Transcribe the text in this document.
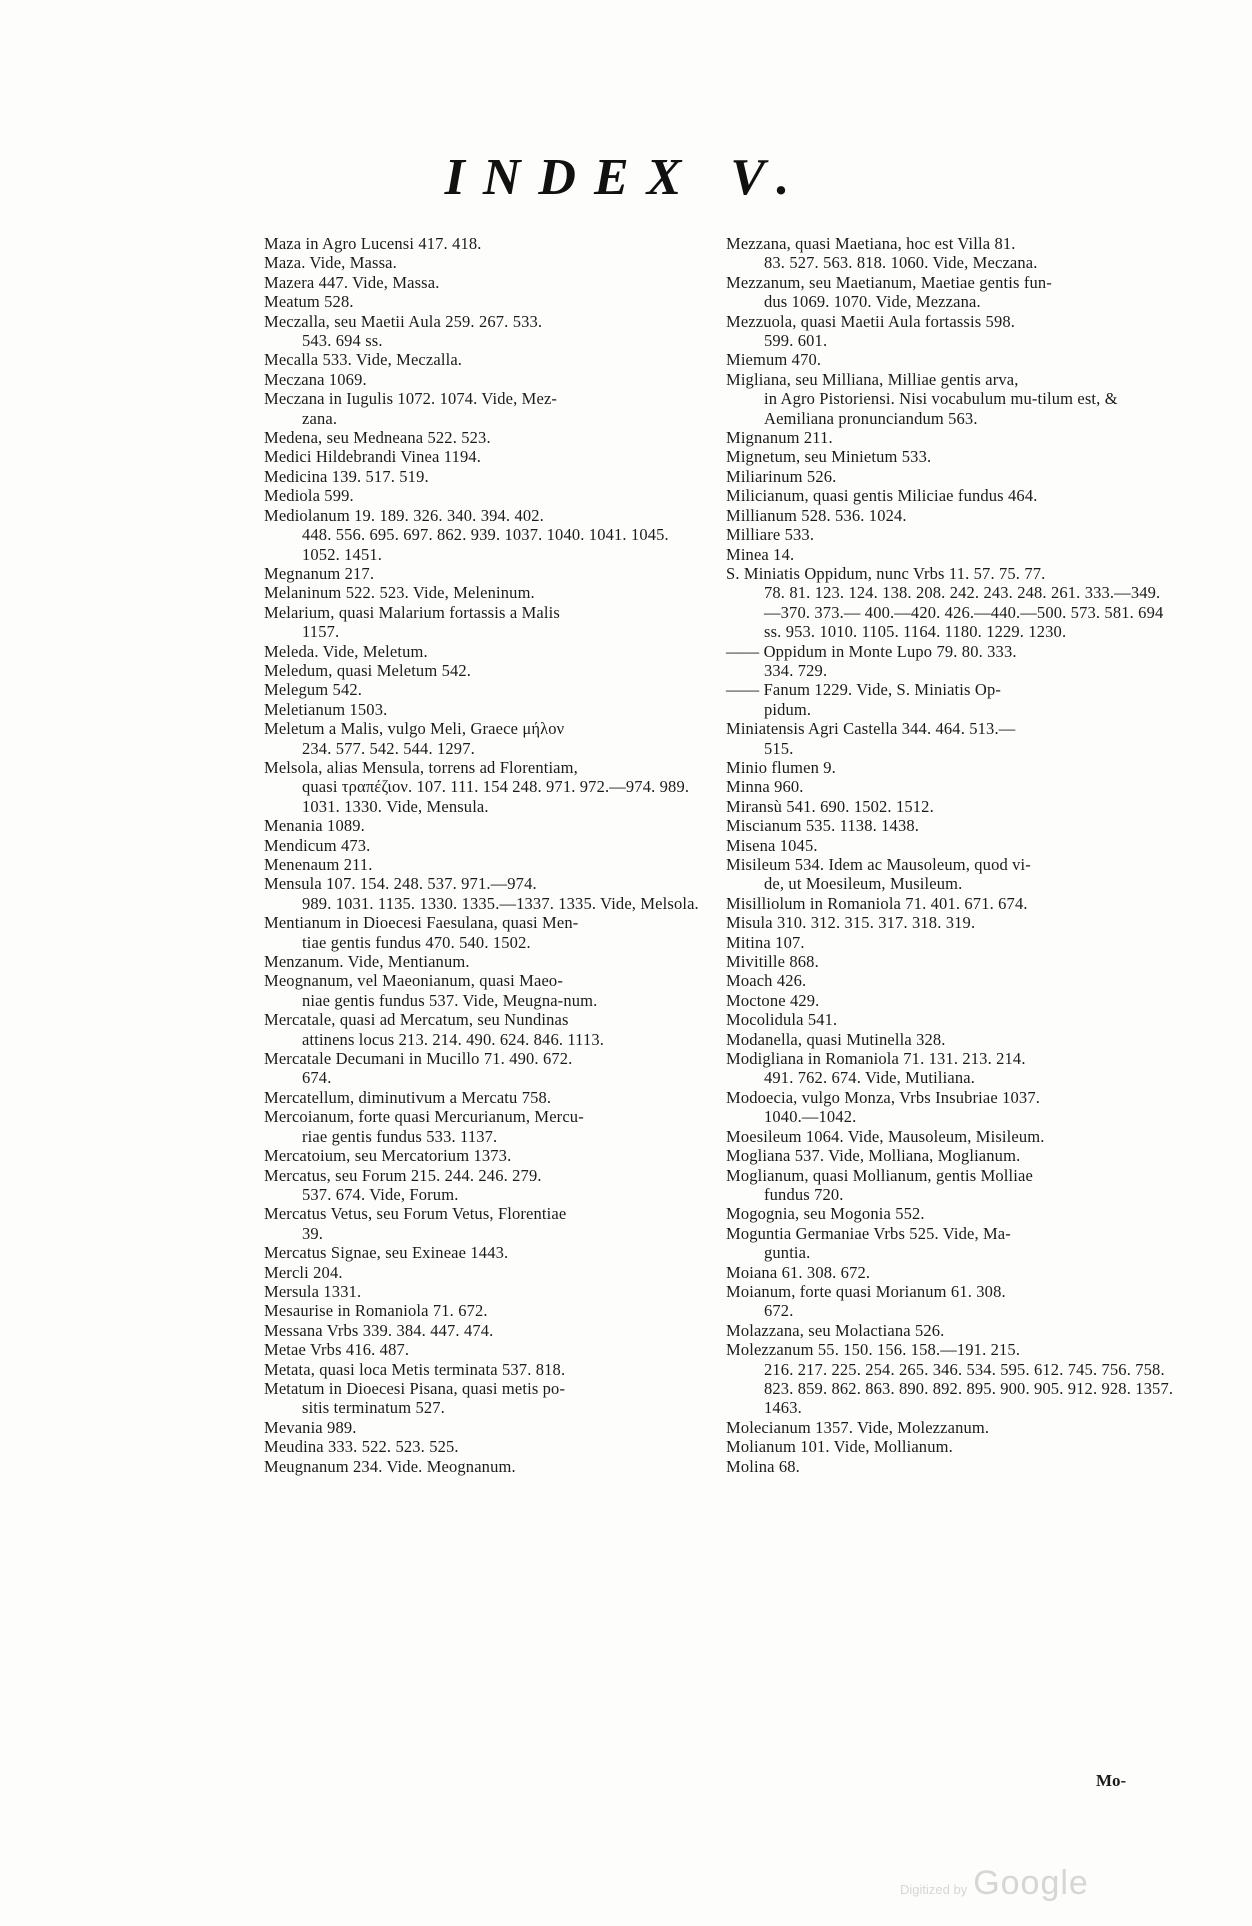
INDEX V.
Maza in Agro Lucensi 417. 418.
Maza. Vide, Massa.
Mazera 447. Vide, Massa.
Meatum 528.
Meczalla, seu Maetii Aula 259. 267. 533.
543. 694 ss.
Mecalla 533. Vide, Meczalla.
Meczana 1069.
Meczana in Iugulis 1072. 1074. Vide, Mez-
zana.
Medena, seu Medneana 522. 523.
Medici Hildebrandi Vinea 1194.
Medicina 139. 517. 519.
Mediola 599.
Mediolanum 19. 189. 326. 340. 394. 402.
448. 556. 695. 697. 862. 939. 1037. 1040. 1041. 1045. 1052. 1451.
Megnanum 217.
Melaninum 522. 523. Vide, Meleninum.
Melarium, quasi Malarium fortassis a Malis
1157.
Meleda. Vide, Meletum.
Meledum, quasi Meletum 542.
Melegum 542.
Meletianum 1503.
Meletum a Malis, vulgo Meli, Graece μήλον
234. 577. 542. 544. 1297.
Melsola, alias Mensula, torrens ad Florentiam,
quasi τραπέζιον. 107. 111. 154 248. 971. 972.—974. 989. 1031. 1330. Vide, Mensula.
Menania 1089.
Mendicum 473.
Menenaum 211.
Mensula 107. 154. 248. 537. 971.—974.
989. 1031. 1135. 1330. 1335.—1337. 1335. Vide, Melsola.
Mentianum in Dioecesi Faesulana, quasi Men-
tiae gentis fundus 470. 540. 1502.
Menzanum. Vide, Mentianum.
Meognanum, vel Maeonianum, quasi Maeo-
niae gentis fundus 537. Vide, Meugna-num.
Mercatale, quasi ad Mercatum, seu Nundinas
attinens locus 213. 214. 490. 624. 846. 1113.
Mercatale Decumani in Mucillo 71. 490. 672.
674.
Mercatellum, diminutivum a Mercatu 758.
Mercoianum, forte quasi Mercurianum, Mercu-
riae gentis fundus 533. 1137.
Mercatoium, seu Mercatorium 1373.
Mercatus, seu Forum 215. 244. 246. 279.
537. 674. Vide, Forum.
Mercatus Vetus, seu Forum Vetus, Florentiae
39.
Mercatus Signae, seu Exineae 1443.
Mercli 204.
Mersula 1331.
Mesaurise in Romaniola 71. 672.
Messana Vrbs 339. 384. 447. 474.
Metae Vrbs 416. 487.
Metata, quasi loca Metis terminata 537. 818.
Metatum in Dioecesi Pisana, quasi metis po-
sitis terminatum 527.
Mevania 989.
Meudina 333. 522. 523. 525.
Meugnanum 234. Vide. Meognanum.
Mezzana, quasi Maetiana, hoc est Villa 81.
83. 527. 563. 818. 1060. Vide, Meczana.
Mezzanum, seu Maetianum, Maetiae gentis fun-
dus 1069. 1070. Vide, Mezzana.
Mezzuola, quasi Maetii Aula fortassis 598.
599. 601.
Miemum 470.
Migliana, seu Milliana, Milliae gentis arva,
in Agro Pistoriensi. Nisi vocabulum mu-tilum est, & Aemiliana pronunciandum 563.
Mignanum 211.
Mignetum, seu Minietum 533.
Miliarinum 526.
Milicianum, quasi gentis Miliciae fundus 464.
Millianum 528. 536. 1024.
Milliare 533.
Minea 14.
S. Miniatis Oppidum, nunc Vrbs 11. 57. 75. 77.
78. 81. 123. 124. 138. 208. 242. 243. 248. 261. 333.—349.—370. 373.— 400.—420. 426.—440.—500. 573. 581. 694 ss. 953. 1010. 1105. 1164. 1180. 1229. 1230.
—— Oppidum in Monte Lupo 79. 80. 333.
334. 729.
—— Fanum 1229. Vide, S. Miniatis Op-
pidum.
Miniatensis Agri Castella 344. 464. 513.—
515.
Minio flumen 9.
Minna 960.
Miransù 541. 690. 1502. 1512.
Miscianum 535. 1138. 1438.
Misena 1045.
Misileum 534. Idem ac Mausoleum, quod vi-
de, ut Moesileum, Musileum.
Misilliolum in Romaniola 71. 401. 671. 674.
Misula 310. 312. 315. 317. 318. 319.
Mitina 107.
Mivitille 868.
Moach 426.
Moctone 429.
Mocolidula 541.
Modanella, quasi Mutinella 328.
Modigliana in Romaniola 71. 131. 213. 214.
491. 762. 674. Vide, Mutiliana.
Modoecia, vulgo Monza, Vrbs Insubriae 1037.
1040.—1042.
Moesileum 1064. Vide, Mausoleum, Misileum.
Mogliana 537. Vide, Molliana, Moglianum.
Moglianum, quasi Mollianum, gentis Molliae
fundus 720.
Mogognia, seu Mogonia 552.
Moguntia Germaniae Vrbs 525. Vide, Ma-
guntia.
Moiana 61. 308. 672.
Moianum, forte quasi Morianum 61. 308.
672.
Molazzana, seu Molactiana 526.
Molezzanum 55. 150. 156. 158.—191. 215.
216. 217. 225. 254. 265. 346. 534. 595. 612. 745. 756. 758. 823. 859. 862. 863. 890. 892. 895. 900. 905. 912. 928. 1357. 1463.
Molecianum 1357. Vide, Molezzanum.
Molianum 101. Vide, Mollianum.
Molina 68.
Mo-
Digitized by Google
